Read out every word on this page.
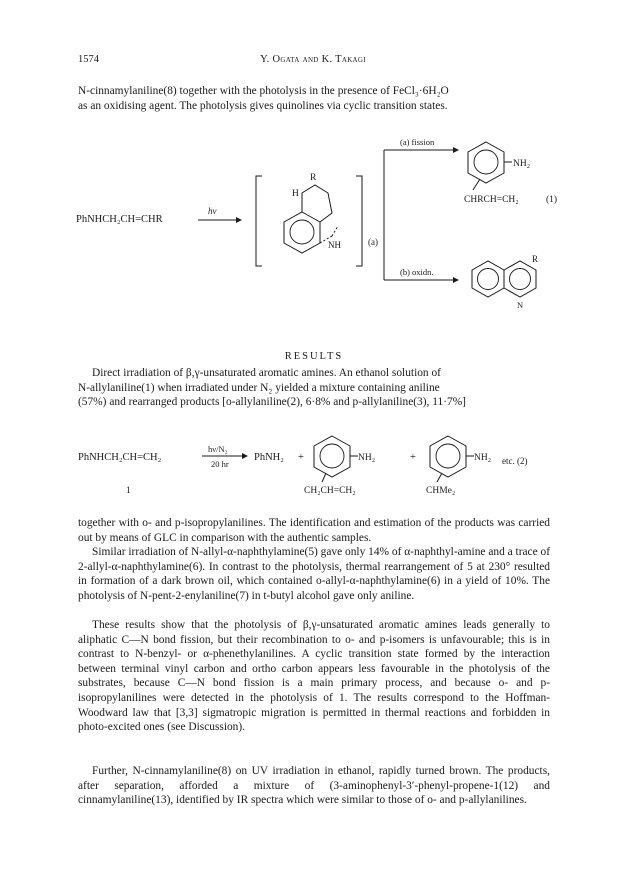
1574	Y. Ogata and K. Takagi

N-cinnamylaniline(8) together with the photolysis in the presence of FeCl₃·6H₂O
as an oxidising agent. The photolysis gives quinolines via cyclic transition states.

PhNHCH₂CH=CHR
hν
R
H
NH	(a)
(a) fission
(b) oxidn.
NH₂
CHRCH=CH₂	(1)
R
N
RESULTS

Direct irradiation of β,γ-unsaturated aromatic amines. An ethanol solution of
N-allylaniline(1) when irradiated under N₂ yielded a mixture containing aniline
(57%) and rearranged products [o-allylaniline(2), 6·8% and p-allylaniline(3), 11·7%]

PhNHCH₂CH=CH₂
hν/N₂
20 hr
PhNH₂ +	NH₂
CH₂CH=CH₂
+	NH₂
CHMe₂
etc. (2)
1

together with o- and p-isopropylanilines. The identification and estimation of the products was carried out by means of GLC in comparison with the authentic samples.

Similar irradiation of N-allyl-α-naphthylamine(5) gave only 14% of α-naphthyl-amine and a trace of 2-allyl-α-naphthylamine(6). In contrast to the photolysis, thermal rearrangement of 5 at 230° resulted in formation of a dark brown oil, which contained o-allyl-α-naphthylamine(6) in a yield of 10%. The photolysis of N-pent-2-enylaniline(7) in t-butyl alcohol gave only aniline.

These results show that the photolysis of β,γ-unsaturated aromatic amines leads generally to aliphatic C—N bond fission, but their recombination to o- and p-isomers is unfavourable; this is in contrast to N-benzyl- or α-phenethylanilines. A cyclic transition state formed by the interaction between terminal vinyl carbon and ortho carbon appears less favourable in the photolysis of the substrates, because C—N bond fission is a main primary process, and because o- and p-isopropylanilines were detected in the photolysis of 1. The results correspond to the Hoffman-Woodward law that [3,3] sigmatropic migration is permitted in thermal reactions and forbidden in photo-excited ones (see Discussion).

Further, N-cinnamylaniline(8) on UV irradiation in ethanol, rapidly turned brown. The products, after separation, afforded a mixture of (3-aminophenyl-3′-phenyl-propene-1(12) and cinnamylaniline(13), identified by IR spectra which were similar to those of o- and p-allylanilines.
